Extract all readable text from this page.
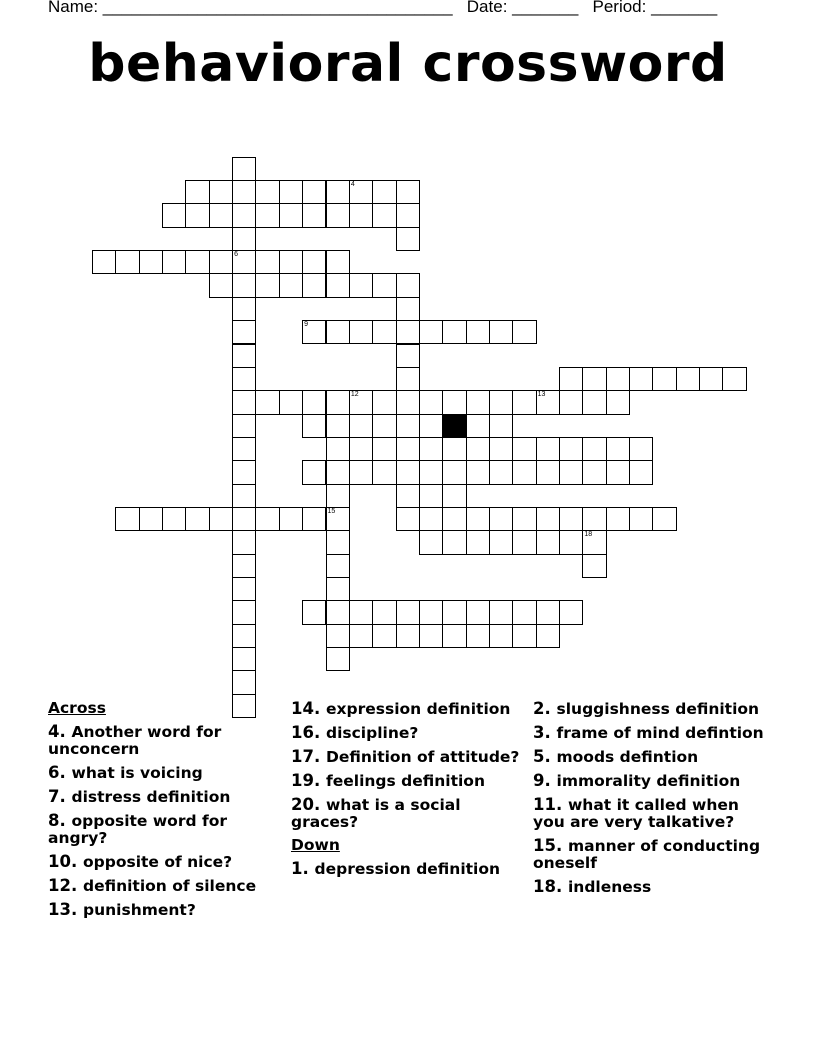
Name: _____________________________________   Date: _______   Period: _______
behavioral crossword
6
4
12	13
9
15
18
Across
4. Another word for unconcern
6. what is voicing
7. distress definition
8. opposite word for angry?
10. opposite of nice?
12. definition of silence
13. punishment?
14. expression definition
16. discipline?
17. Definition of attitude?
19. feelings definition
20. what is a social graces?
Down
1. depression definition
2. sluggishness definition
3. frame of mind defintion
5. moods defintion
9. immorality definition
11. what it called when you are very talkative?
15. manner of conducting oneself
18. indleness
